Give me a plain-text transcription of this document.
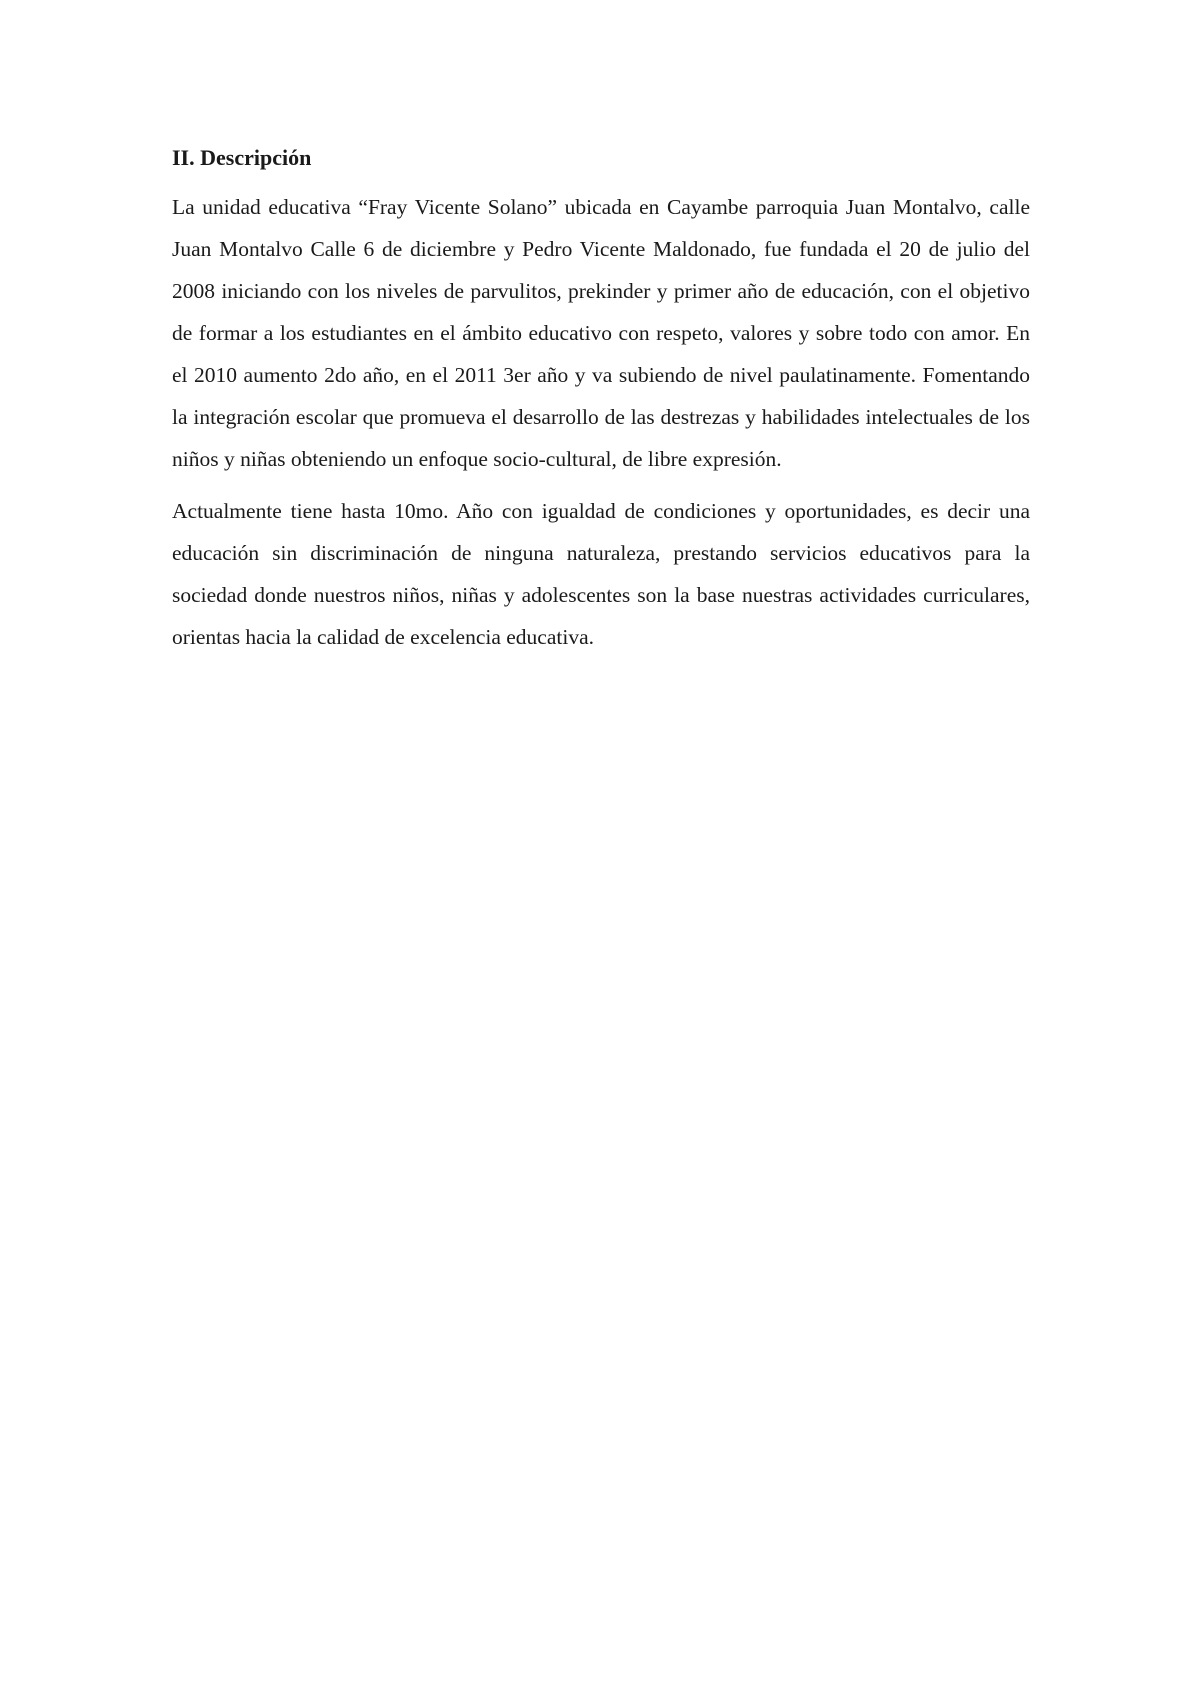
II. Descripción

La unidad educativa “Fray Vicente Solano” ubicada en Cayambe parroquia Juan Montalvo, calle Juan Montalvo Calle 6 de diciembre y Pedro Vicente Maldonado, fue fundada el 20 de julio del 2008 iniciando con los niveles de parvulitos, prekinder y primer año de educación, con el objetivo de formar a los estudiantes en el ámbito educativo con respeto, valores y sobre todo con amor. En el 2010 aumento 2do año, en el 2011 3er año y va subiendo de nivel paulatinamente. Fomentando la integración escolar que promueva el desarrollo de las destrezas y habilidades intelectuales de los niños y niñas obteniendo un enfoque socio-cultural, de libre expresión.

Actualmente tiene hasta 10mo. Año con igualdad de condiciones y oportunidades, es decir una educación sin discriminación de ninguna naturaleza, prestando servicios educativos para la sociedad donde nuestros niños, niñas y adolescentes son la base nuestras actividades curriculares, orientas hacia la calidad de excelencia educativa.
